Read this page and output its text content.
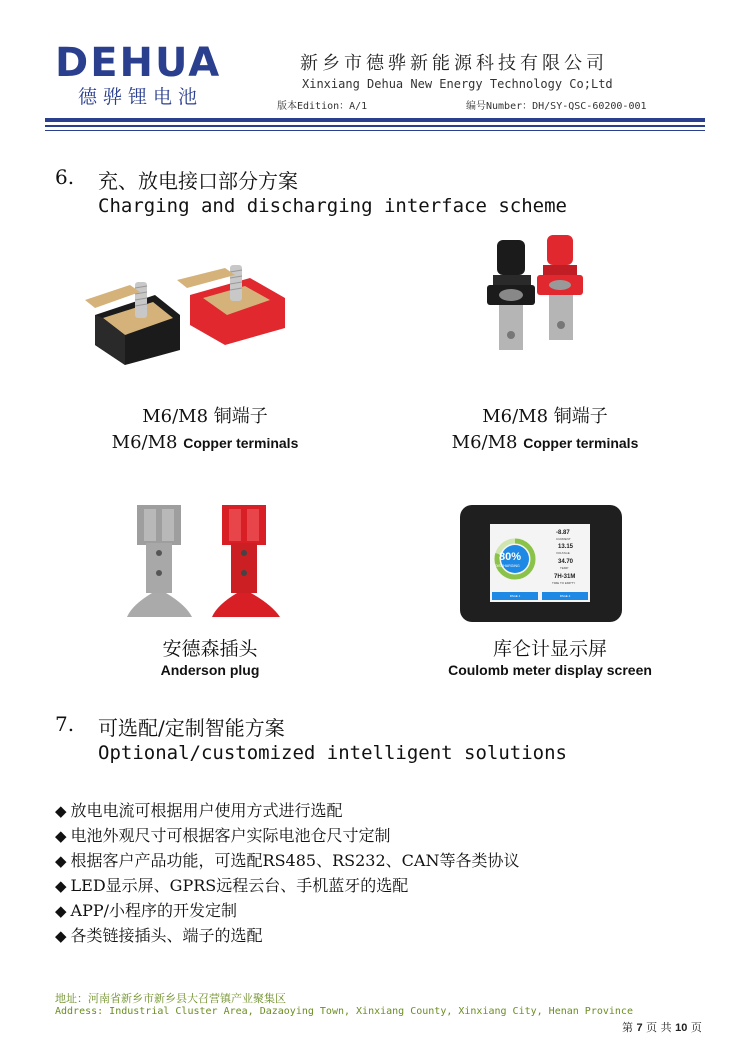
DEHUA
德骅锂电池
新乡市德骅新能源科技有限公司
Xinxiang Dehua New Energy Technology Co;Ltd
版本Edition：A/1	编号Number：DH/SY-QSC-60200-001
6. 充、放电接口部分方案
Charging and discharging interface scheme
M6/M8 铜端子
M6/M8 Copper terminals
M6/M8 铜端子
M6/M8 Copper terminals
80%
DISCHARGING
-8.87
CURRENT
13.15
VOLTAGE
34.70
TEMP
7H-31M
TIME TO EMPTY
PAGE 1	PAGE 2
安德森插头
Anderson plug
库仑计显示屏
Coulomb meter display screen
7. 可选配/定制智能方案
Optional/customized intelligent solutions
◆ 放电电流可根据用户使用方式进行选配
◆ 电池外观尺寸可根据客户实际电池仓尺寸定制
◆ 根据客户产品功能，可选配RS485、RS232、CAN等各类协议
◆ LED显示屏、GPRS远程云台、手机蓝牙的选配
◆ APP/小程序的开发定制
◆ 各类链接插头、端子的选配
地址：河南省新乡市新乡县大召营镇产业聚集区
Address: Industrial Cluster Area, Dazaoying Town, Xinxiang County, Xinxiang City, Henan Province
第 7 页 共 10 页
